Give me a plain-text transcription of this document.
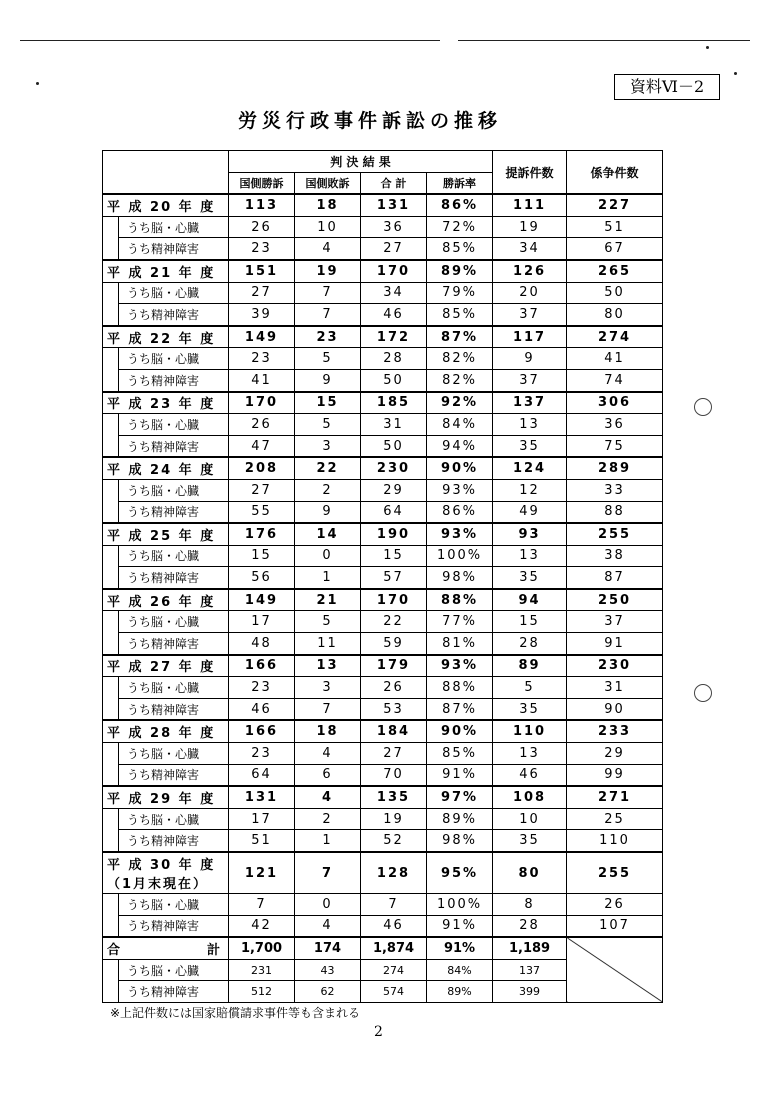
資料Ⅵ－2
労災行政事件訴訟の推移
		判 決 結 果				提訴件数	係争件数
		国側勝訴	国側敗訴	合 計	勝訴率		
平 成 20 年 度		113	18	131	86%	111	227
	うち脳・心臓	26	10	36	72%	19	51
	うち精神障害	23	4	27	85%	34	67
平 成 21 年 度		151	19	170	89%	126	265
	うち脳・心臓	27	7	34	79%	20	50
	うち精神障害	39	7	46	85%	37	80
平 成 22 年 度		149	23	172	87%	117	274
	うち脳・心臓	23	5	28	82%	9	41
	うち精神障害	41	9	50	82%	37	74
平 成 23 年 度		170	15	185	92%	137	306
	うち脳・心臓	26	5	31	84%	13	36
	うち精神障害	47	3	50	94%	35	75
平 成 24 年 度		208	22	230	90%	124	289
	うち脳・心臓	27	2	29	93%	12	33
	うち精神障害	55	9	64	86%	49	88
平 成 25 年 度		176	14	190	93%	93	255
	うち脳・心臓	15	0	15	100%	13	38
	うち精神障害	56	1	57	98%	35	87
平 成 26 年 度		149	21	170	88%	94	250
	うち脳・心臓	17	5	22	77%	15	37
	うち精神障害	48	11	59	81%	28	91
平 成 27 年 度		166	13	179	93%	89	230
	うち脳・心臓	23	3	26	88%	5	31
	うち精神障害	46	7	53	87%	35	90
平 成 28 年 度		166	18	184	90%	110	233
	うち脳・心臓	23	4	27	85%	13	29
	うち精神障害	64	6	70	91%	46	99
平 成 29 年 度		131	4	135	97%	108	271
	うち脳・心臓	17	2	19	89%	10	25
	うち精神障害	51	1	52	98%	35	110
平 成 30 年 度
（1月末現在）		121	7	128	95%	80	255
	うち脳・心臓	7	0	7	100%	8	26
	うち精神障害	42	4	46	91%	28	107
合 計		1,700	174	1,874	91%	1,189	
	うち脳・心臓	231	43	274	84%	137	
	うち精神障害	512	62	574	89%	399	
※上記件数には国家賠償請求事件等も含まれる
2
